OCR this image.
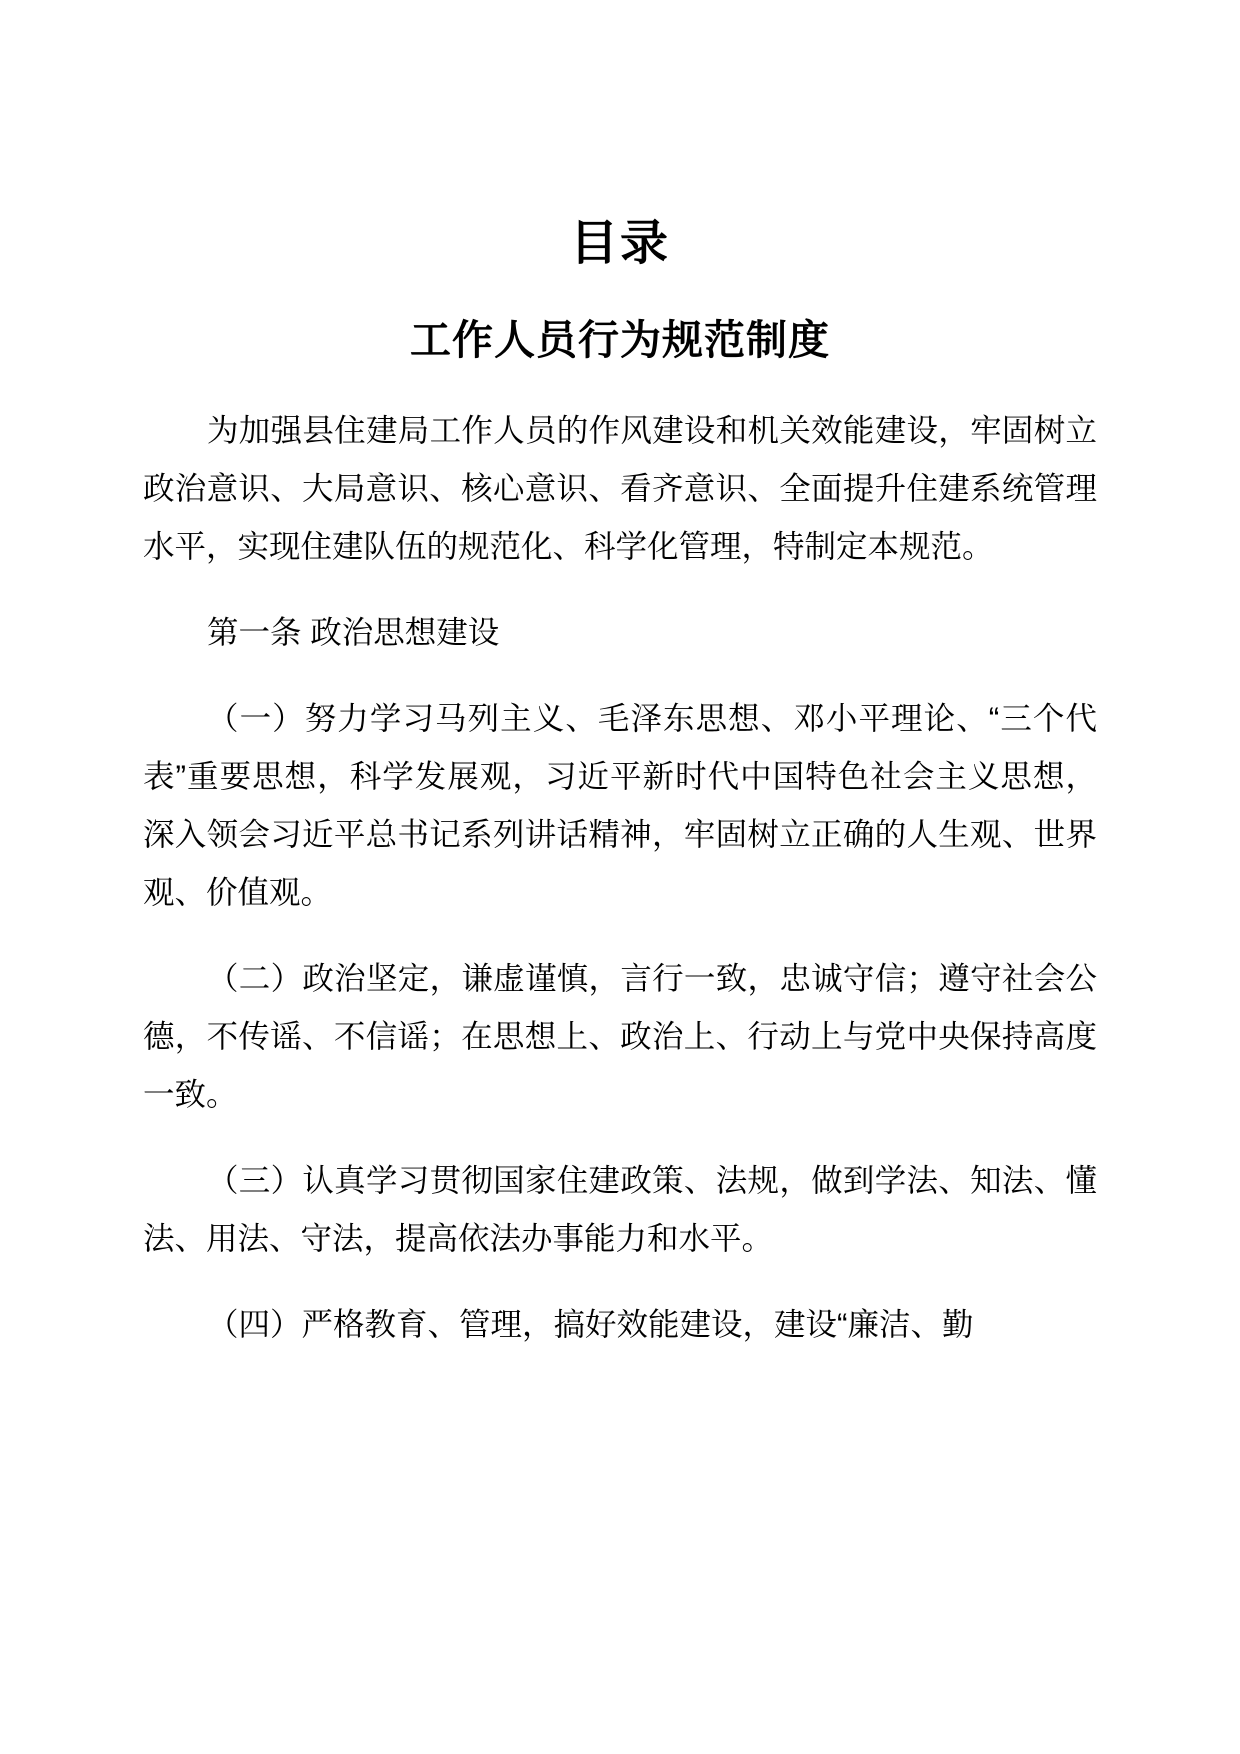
目录
工作人员行为规范制度

为加强县住建局工作人员的作风建设和机关效能建设，牢固树立政治意识、大局意识、核心意识、看齐意识、全面提升住建系统管理水平，实现住建队伍的规范化、科学化管理，特制定本规范。

第一条 政治思想建设

（一）努力学习马列主义、毛泽东思想、邓小平理论、“三个代表”重要思想，科学发展观，习近平新时代中国特色社会主义思想，深入领会习近平总书记系列讲话精神，牢固树立正确的人生观、世界观、价值观。

（二）政治坚定，谦虚谨慎，言行一致，忠诚守信；遵守社会公德，不传谣、不信谣；在思想上、政治上、行动上与党中央保持高度一致。

（三）认真学习贯彻国家住建政策、法规，做到学法、知法、懂法、用法、守法，提高依法办事能力和水平。

（四）严格教育、管理，搞好效能建设，建设“廉洁、勤
